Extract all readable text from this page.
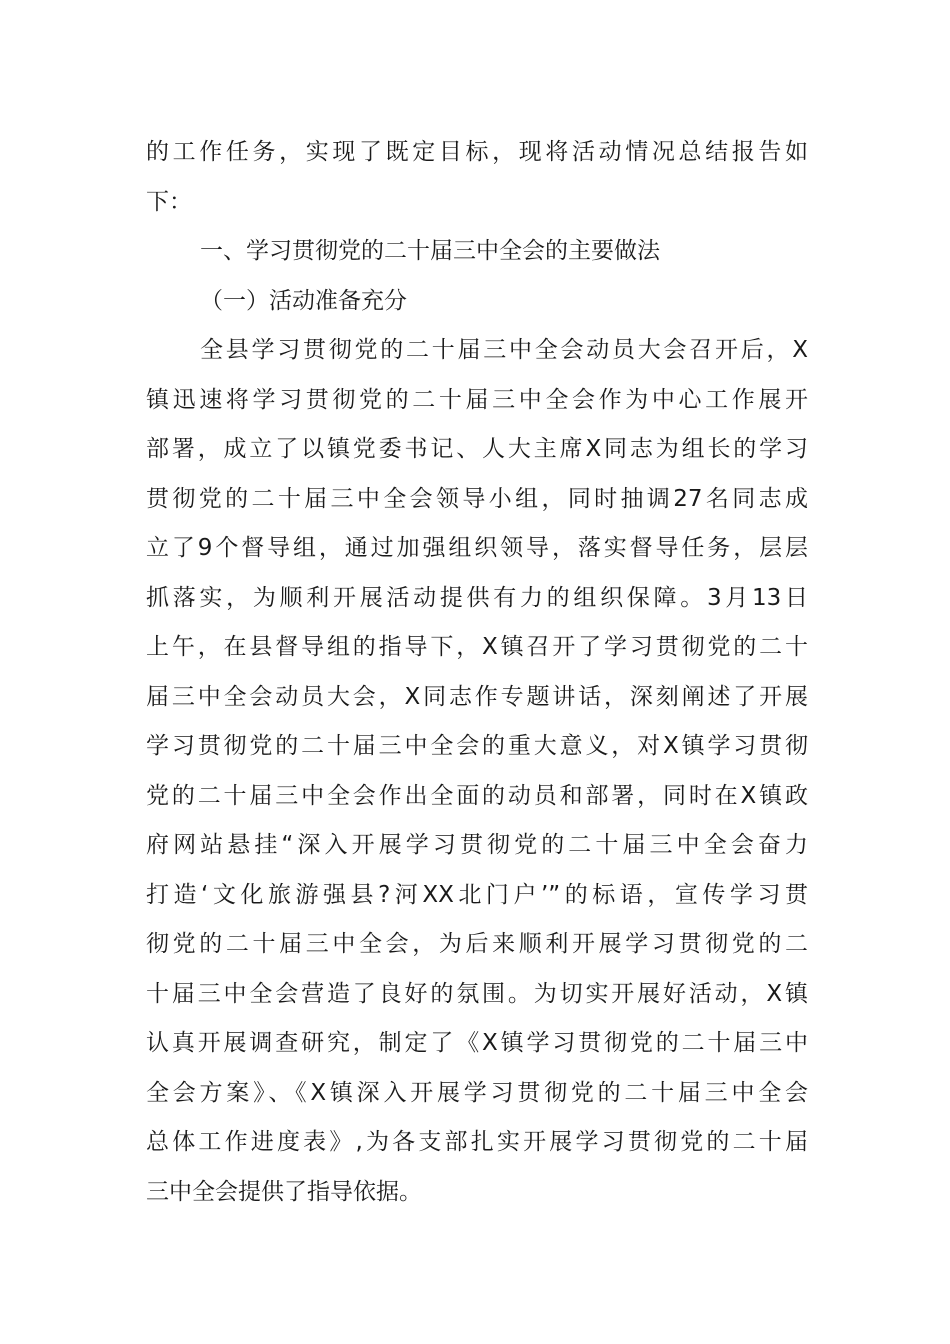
的工作任务，实现了既定目标，现将活动情况总结报告如
下：
一、学习贯彻党的二十届三中全会的主要做法
（一）活动准备充分
全县学习贯彻党的二十届三中全会动员大会召开后，X
镇迅速将学习贯彻党的二十届三中全会作为中心工作展开
部署，成立了以镇党委书记、人大主席X同志为组长的学习
贯彻党的二十届三中全会领导小组，同时抽调27名同志成
立了9个督导组，通过加强组织领导，落实督导任务，层层
抓落实，为顺利开展活动提供有力的组织保障。3月13日
上午，在县督导组的指导下，X镇召开了学习贯彻党的二十
届三中全会动员大会，X同志作专题讲话，深刻阐述了开展
学习贯彻党的二十届三中全会的重大意义，对X镇学习贯彻
党的二十届三中全会作出全面的动员和部署，同时在X镇政
府网站悬挂“深入开展学习贯彻党的二十届三中全会奋力
打造‘文化旅游强县?河XX北门户’”的标语，宣传学习贯
彻党的二十届三中全会，为后来顺利开展学习贯彻党的二
十届三中全会营造了良好的氛围。为切实开展好活动，X镇
认真开展调查研究，制定了《X镇学习贯彻党的二十届三中
全会方案》、《X镇深入开展学习贯彻党的二十届三中全会
总体工作进度表》,为各支部扎实开展学习贯彻党的二十届
三中全会提供了指导依据。
